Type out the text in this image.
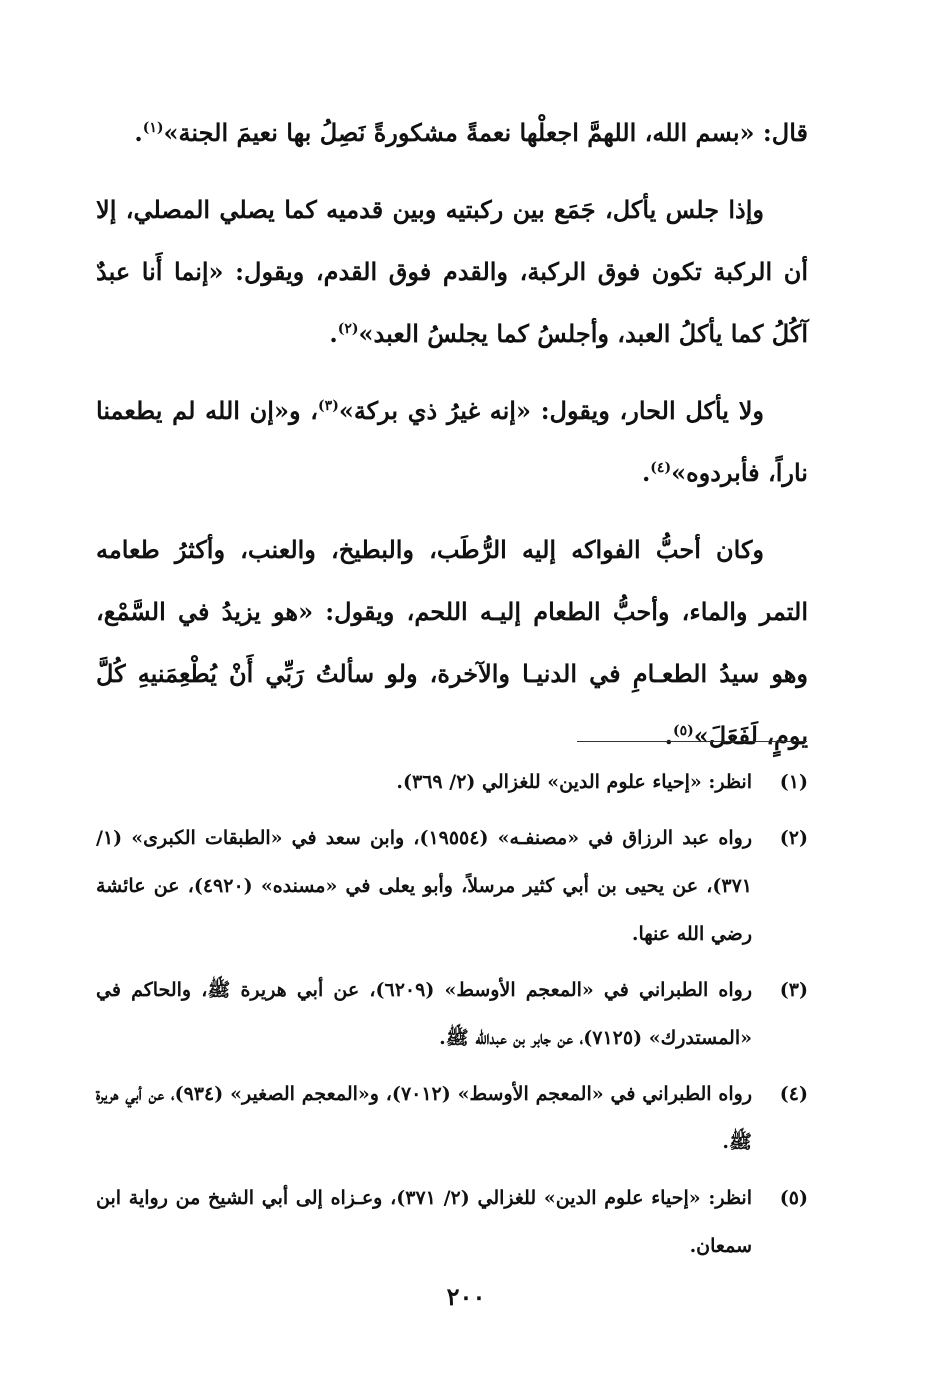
قال: «بسم الله، اللهمَّ اجعلْها نعمةً مشكورةً نَصِلُ بها نعيمَ الجنة»$^{(١)}$.

وإذا جلس يأكل، جَمَع بين ركبتيه وبين قدميه كما يصلي المصلي، إلا أن الركبة تكون فوق الركبة، والقدم فوق القدم، ويقول: «إنما أَنا عبدٌ آكُلُ كما يأكلُ العبد، وأجلسُ كما يجلسُ العبد»$^{(٢)}$.

ولا يأكل الحار، ويقول: «إنه غيرُ ذي بركة»$^{(٣)}$، و«إن الله لم يطعمنا ناراً، فأبردوه»$^{(٤)}$.

وكان أحبُّ الفواكه إليه الرُّطَب، والبطيخ، والعنب، وأكثرُ طعامه التمر والماء، وأحبُّ الطعام إليـه اللحم، ويقول: «هو يزيدُ في السَّمْع، وهو سيدُ الطعـامِ في الدنيـا والآخرة، ولو سألتُ رَبِّي أَنْ يُطْعِمَنيهِ كُلَّ يومٍ، لَفَعَلَ»$^{(٥)}$.

(١)
انظر: «إحياء علوم الدين» للغزالي (٢/ ٣٦٩).
(٢)
رواه عبد الرزاق في «مصنفـه» (١٩٥٥٤)، وابن سعد في «الطبقات الكبرى» (١/ ٣٧١)، عن يحيى بن أبي كثير مرسلاً، وأبو يعلى في «مسنده» (٤٩٢٠)، عن عائشة رضي الله عنها.
(٣)
رواه الطبراني في «المعجم الأوسط» (٦٢٠٩)، عن أبي هريرة ﷺ، والحاكم في «المستدرك» (٧١٢٥)، عن جابر بن عبدالله ﷺ.
(٤)
رواه الطبراني في «المعجم الأوسط» (٧٠١٢)، و«المعجم الصغير» (٩٣٤)، عن أبي هريرة ﷺ.
(٥)
انظر: «إحياء علوم الدين» للغزالي (٢/ ٣٧١)، وعـزاه إلى أبي الشيخ من رواية ابن سمعان.
٢٠٠
